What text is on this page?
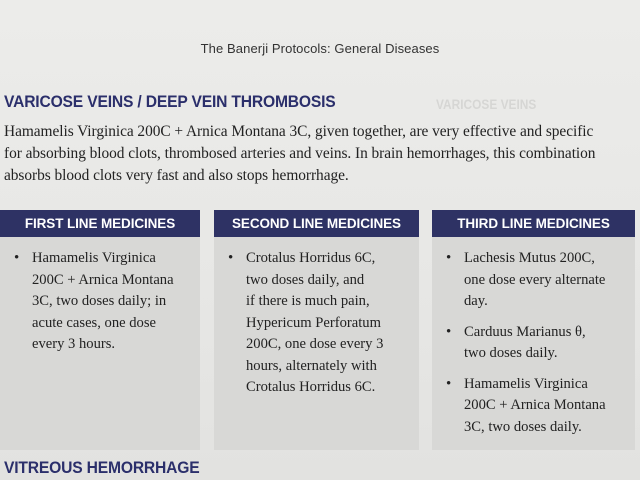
The Banerji Protocols: General Diseases
VARICOSE VEINS
VARICOSE VEINS / DEEP VEIN THROMBOSIS
Hamamelis Virginica 200C + Arnica Montana 3C, given together, are very effective and specific
for absorbing blood clots, thrombosed arteries and veins. In brain hemorrhages, this combination
absorbs blood clots very fast and also stops hemorrhage.
FIRST LINE MEDICINES
• Hamamelis Virginica
200C + Arnica Montana
3C, two doses daily; in
acute cases, one dose
every 3 hours.
SECOND LINE MEDICINES
• Crotalus Horridus 6C,
two doses daily, and
if there is much pain,
Hypericum Perforatum
200C, one dose every 3
hours, alternately with
Crotalus Horridus 6C.
THIRD LINE MEDICINES
• Lachesis Mutus 200C,
one dose every alternate
day.
• Carduus Marianus θ,
two doses daily.
• Hamamelis Virginica
200C + Arnica Montana
3C, two doses daily.
VITREOUS HEMORRHAGE
